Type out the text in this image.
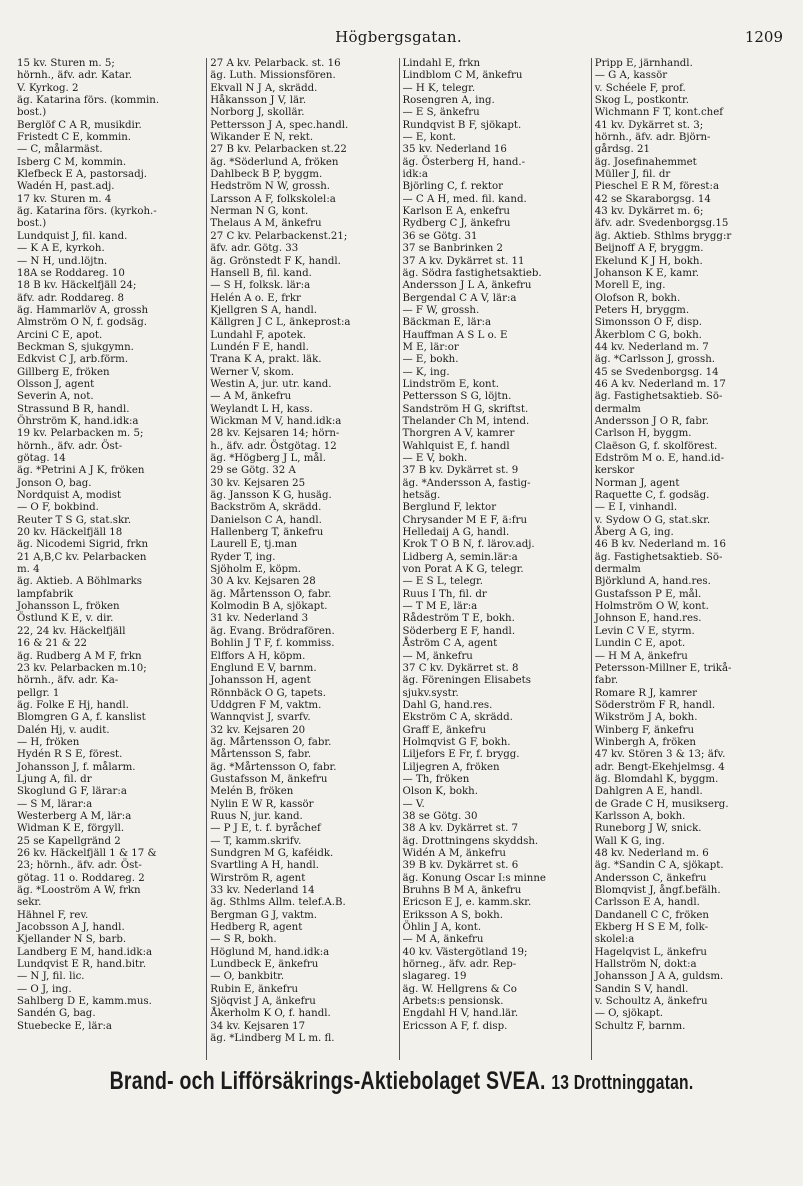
Högbergsgatan.	1209
15 kv. Sturen m. 5;
hörnh., äfv. adr. Katar.
V. Kyrkog. 2
äg. Katarina förs. (kommin.
bost.)
Berglöf C A R, musikdir.
Fristedt C E, kommin.
— C, målarmäst.
Isberg C M, kommin.
Klefbeck E A, pastorsadj.
Wadén H, past.adj.
17 kv. Sturen m. 4
äg. Katarina förs. (kyrkoh.-
bost.)
Lundquist J, fil. kand.
— K A E, kyrkoh.
— N H, und.löjtn.
18A se Roddareg. 10
18 B kv. Häckelfjäll 24;
äfv. adr. Roddareg. 8
äg. Hammarlöv A, grossh
Almström O N, f. godsäg.
Arcini C E, apot.
Beckman S, sjukgymn.
Edkvist C J, arb.förm.
Gillberg E, fröken
Olsson J, agent
Severin A, not.
Strassund B R, handl.
Öhrström K, hand.idk:a
19 kv. Pelarbacken m. 5;
hörnh., äfv. adr. Öst-
götag. 14
äg. *Petrini A J K, fröken
Jonson O, bag.
Nordquist A, modist
— O F, bokbind.
Reuter T S G, stat.skr.
20 kv. Häckelfjäll 18
äg. Nicodemi Sigrid, frkn
21 A,B,C kv. Pelarbacken
m. 4
äg. Aktieb. A Böhlmarks
lampfabrik
Johansson L, fröken
Östlund K E, v. dir.
22, 24 kv. Häckelfjäll
16 & 21 & 22
äg. Rudberg A M F, frkn
23 kv. Pelarbacken m.10;
hörnh., äfv. adr. Ka-
pellgr. 1
äg. Folke E Hj, handl.
Blomgren G A, f. kanslist
Dalén Hj, v. audit.
— H, fröken
Hydén R S E, förest.
Johansson J, f. målarm.
Ljung A, fil. dr
Skoglund G F, lärar:a
— S M, lärar:a
Westerberg A M, lär:a
Widman K E, förgyll.
25 se Kapellgränd 2
26 kv. Häckelfjäll 1 & 17 &
23; hörnh., äfv. adr. Öst-
götag. 11 o. Roddareg. 2
äg. *Looström A W, frkn
sekr.
Hähnel F, rev.
Jacobsson A J, handl.
Kjellander N S, barb.
Landberg E M, hand.idk:a
Lundqvist E R, hand.bitr.
— N J, fil. lic.
— O J, ing.
Sahlberg D E, kamm.mus.
Sandén G, bag.
Stuebecke E, lär:a
27 A kv. Pelarback. st. 16
äg. Luth. Missionsfören.
Ekvall N J A, skrädd.
Håkansson J V, lär.
Norborg J, skollär.
Pettersson J A, spec.handl.
Wikander E N, rekt.
27 B kv. Pelarbacken st.22
äg. *Söderlund A, fröken
Dahlbeck B P, byggm.
Hedström N W, grossh.
Larsson A F, folkskolel:a
Nerman N G, kont.
Thelaus A M, änkefru
27 C kv. Pelarbackenst.21;
äfv. adr. Götg. 33
äg. Grönstedt F K, handl.
Hansell B, fil. kand.
— S H, folksk. lär:a
Helén A o. E, frkr
Kjellgren S A, handl.
Källgren J C L, änkeprost:a
Lundahl F, apotek.
Lundén F E, handl.
Trana K A, prakt. läk.
Werner V, skom.
Westin A, jur. utr. kand.
— A M, änkefru
Weylandt L H, kass.
Wickman M V, hand.idk:a
28 kv. Kejsaren 14; hörn-
h., äfv. adr. Östgötag. 12
äg. *Högberg J L, mål.
29 se Götg. 32 A
30 kv. Kejsaren 25
äg. Jansson K G, husäg.
Backström A, skrädd.
Danielson C A, handl.
Hallenberg T, änkefru
Laurell E, tj.man
Ryder T, ing.
Sjöholm E, köpm.
30 A kv. Kejsaren 28
äg. Mårtensson O, fabr.
Kolmodin B A, sjökapt.
31 kv. Nederland 3
äg. Evang. Brödrafören.
Bohlin J T F, f. kommiss.
Elffors A H, köpm.
Englund E V, barnm.
Johansson H, agent
Rönnbäck O G, tapets.
Uddgren F M, vaktm.
Wannqvist J, svarfv.
32 kv. Kejsaren 20
äg. Mårtensson O, fabr.
Mårtensson S, fabr.
äg. *Mårtensson O, fabr.
Gustafsson M, änkefru
Melén B, fröken
Nylin E W R, kassör
Ruus N, jur. kand.
— P J E, t. f. byråchef
— T, kamm.skrifv.
Sundgren M G, kaféidk.
Svartling A H, handl.
Wirström R, agent
33 kv. Nederland 14
äg. Sthlms Allm. telef.A.B.
Bergman G J, vaktm.
Hedberg R, agent
— S R, bokh.
Höglund M, hand.idk:a
Lundbeck E, änkefru
— O, bankbitr.
Rubin E, änkefru
Sjöqvist J A, änkefru
Åkerholm K O, f. handl.
34 kv. Kejsaren 17
äg. *Lindberg M L m. fl.
Lindahl E, frkn
Lindblom C M, änkefru
— H K, telegr.
Rosengren A, ing.
— E S, änkefru
Rundqvist B F, sjökapt.
— E, kont.
35 kv. Nederland 16
äg. Österberg H, hand.-
idk:a
Björling C, f. rektor
— C A H, med. fil. kand.
Karlson E A, enkefru
Rydberg C J, änkefru
36 se Götg. 31
37 se Banbrinken 2
37 A kv. Dykärret st. 11
äg. Södra fastighetsaktieb.
Andersson J L A, änkefru
Bergendal C A V, lär:a
— F W, grossh.
Bäckman E, lär:a
Hauffman A S L o. E
M E, lär:or
— E, bokh.
— K, ing.
Lindström E, kont.
Pettersson S G, löjtn.
Sandström H G, skriftst.
Thelander Ch M, intend.
Thorgren A V, kamrer
Wahlquist E, f. handl
— E V, bokh.
37 B kv. Dykärret st. 9
äg. *Andersson A, fastig-
hetsäg.
Berglund F, lektor
Chrysander M E F, ä:fru
Helledaij A G, handl.
Krok T O B N, f. lärov.adj.
Lidberg A, semin.lär:a
von Porat A K G, telegr.
— E S L, telegr.
Ruus I Th, fil. dr
— T M E, lär:a
Rådeström T E, bokh.
Söderberg E F, handl.
Åström C A, agent
— M, änkefru
37 C kv. Dykärret st. 8
äg. Föreningen Elisabets
sjukv.systr.
Dahl G, hand.res.
Ekström C A, skrädd.
Graff E, änkefru
Holmqvist G F, bokh.
Liljefors E Fr, f. brygg.
Liljegren A, fröken
— Th, fröken
Olson K, bokh.
— V.
38 se Götg. 30
38 A kv. Dykärret st. 7
äg. Drottningens skyddsh.
Widén A M, änkefru
39 B kv. Dykärret st. 6
äg. Konung Oscar I:s minne
Bruhns B M A, änkefru
Ericson E J, e. kamm.skr.
Eriksson A S, bokh.
Öhlin J A, kont.
— M A, änkefru
40 kv. Västergötland 19;
hörneg., äfv. adr. Rep-
slagareg. 19
äg. W. Hellgrens & Co
Arbets:s pensionsk.
Engdahl H V, hand.lär.
Ericsson A F, f. disp.
Pripp E, järnhandl.
— G A, kassör
v. Schéele F, prof.
Skog L, postkontr.
Wichmann F T, kont.chef
41 kv. Dykärret st. 3;
hörnh., äfv. adr. Björn-
gårdsg. 21
äg. Josefinahemmet
Müller J, fil. dr
Pieschel E R M, förest:a
42 se Skaraborgsg. 14
43 kv. Dykärret m. 6;
äfv. adr. Svedenborgsg.15
äg. Aktieb. Sthlms brygg:r
Beijnoff A F, bryggm.
Ekelund K J H, bokh.
Johanson K E, kamr.
Morell E, ing.
Olofson R, bokh.
Peters H, bryggm.
Simonsson O F, disp.
Åkerblom C G, bokh.
44 kv. Nederland m. 7
äg. *Carlsson J, grossh.
45 se Svedenborgsg. 14
46 A kv. Nederland m. 17
äg. Fastighetsaktieb. Sö-
dermalm
Andersson J O R, fabr.
Carlson H, byggm.
Claëson G, f. skolförest.
Edström M o. E, hand.id-
kerskor
Norman J, agent
Raquette C, f. godsäg.
— E I, vinhandl.
v. Sydow O G, stat.skr.
Åberg A G, ing.
46 B kv. Nederland m. 16
äg. Fastighetsaktieb. Sö-
dermalm
Björklund A, hand.res.
Gustafsson P E, mål.
Holmström O W, kont.
Johnson E, hand.res.
Levin C V E, styrm.
Lundin C E, apot.
— H M A, änkefru
Petersson-Millner E, trikå-
fabr.
Romare R J, kamrer
Söderström F R, handl.
Wikström J A, bokh.
Winberg F, änkefru
Winbergh A, fröken
47 kv. Stören 3 & 13; äfv.
adr. Bengt-Ekehjelmsg. 4
äg. Blomdahl K, byggm.
Dahlgren A E, handl.
de Grade C H, musikserg.
Karlsson A, bokh.
Runeborg J W, snick.
Wall K G, ing.
48 kv. Nederland m. 6
äg. *Sandin C A, sjökapt.
Andersson C, änkefru
Blomqvist J, ångf.befälh.
Carlsson E A, handl.
Dandanell C C, fröken
Ekberg H S E M, folk-
skolel:a
Hagelqvist L, änkefru
Hallström N, dokt:a
Johansson J A A, guldsm.
Sandin S V, handl.
v. Schoultz A, änkefru
— O, sjökapt.
Schultz F, barnm.
Brand- och Lifförsäkrings-Aktiebolaget SVEA. 13 Drottninggatan.
